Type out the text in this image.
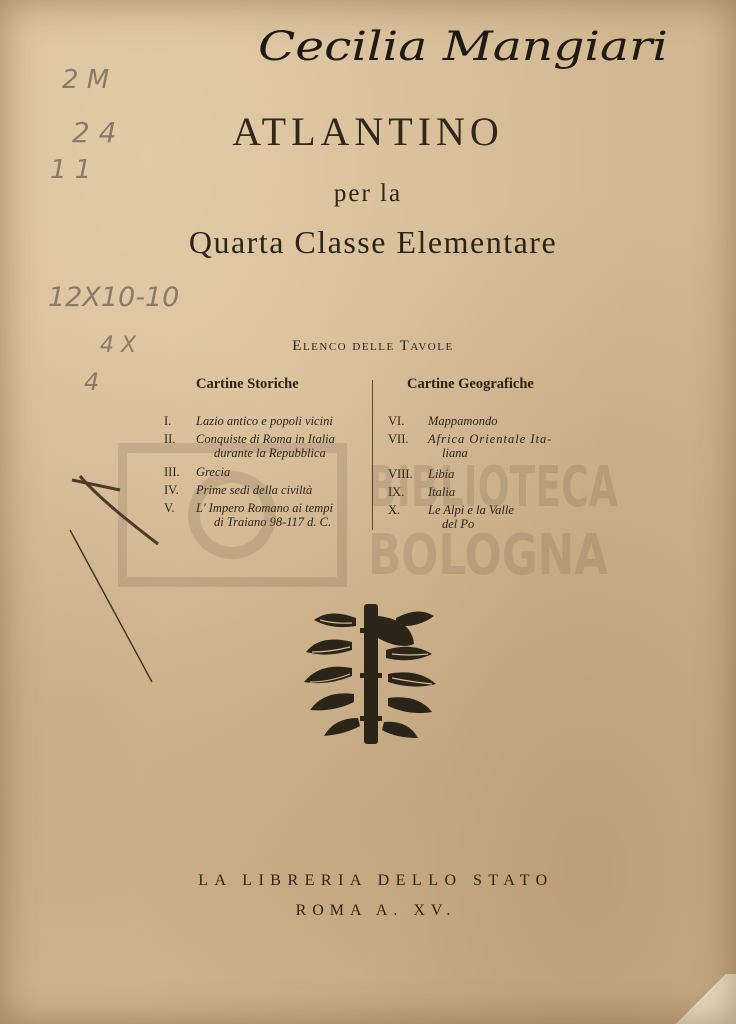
Cecilia Mangiari
2 M
2 4
1 1
12X10-10
4 X
4
ATLANTINO
per la
Quarta Classe Elementare
Elenco delle Tavole
Cartine Storiche	Cartine Geografiche
I. Lazio antico e popoli vicini
II. Conquiste di Roma in Italia
durante la Repubblica
III. Grecia
IV. Prime sedi della civiltà
V. L' Impero Romano ai tempi
di Traiano 98-117 d. C.
VI. Mappamondo
VII. Africa Orientale Ita-
liana
VIII. Libia
IX. Italia
X. Le Alpi e la Valle
del Po
BIBLIOTECA
BOLOGNA
LA LIBRERIA DELLO STATO
ROMA A. XV.
